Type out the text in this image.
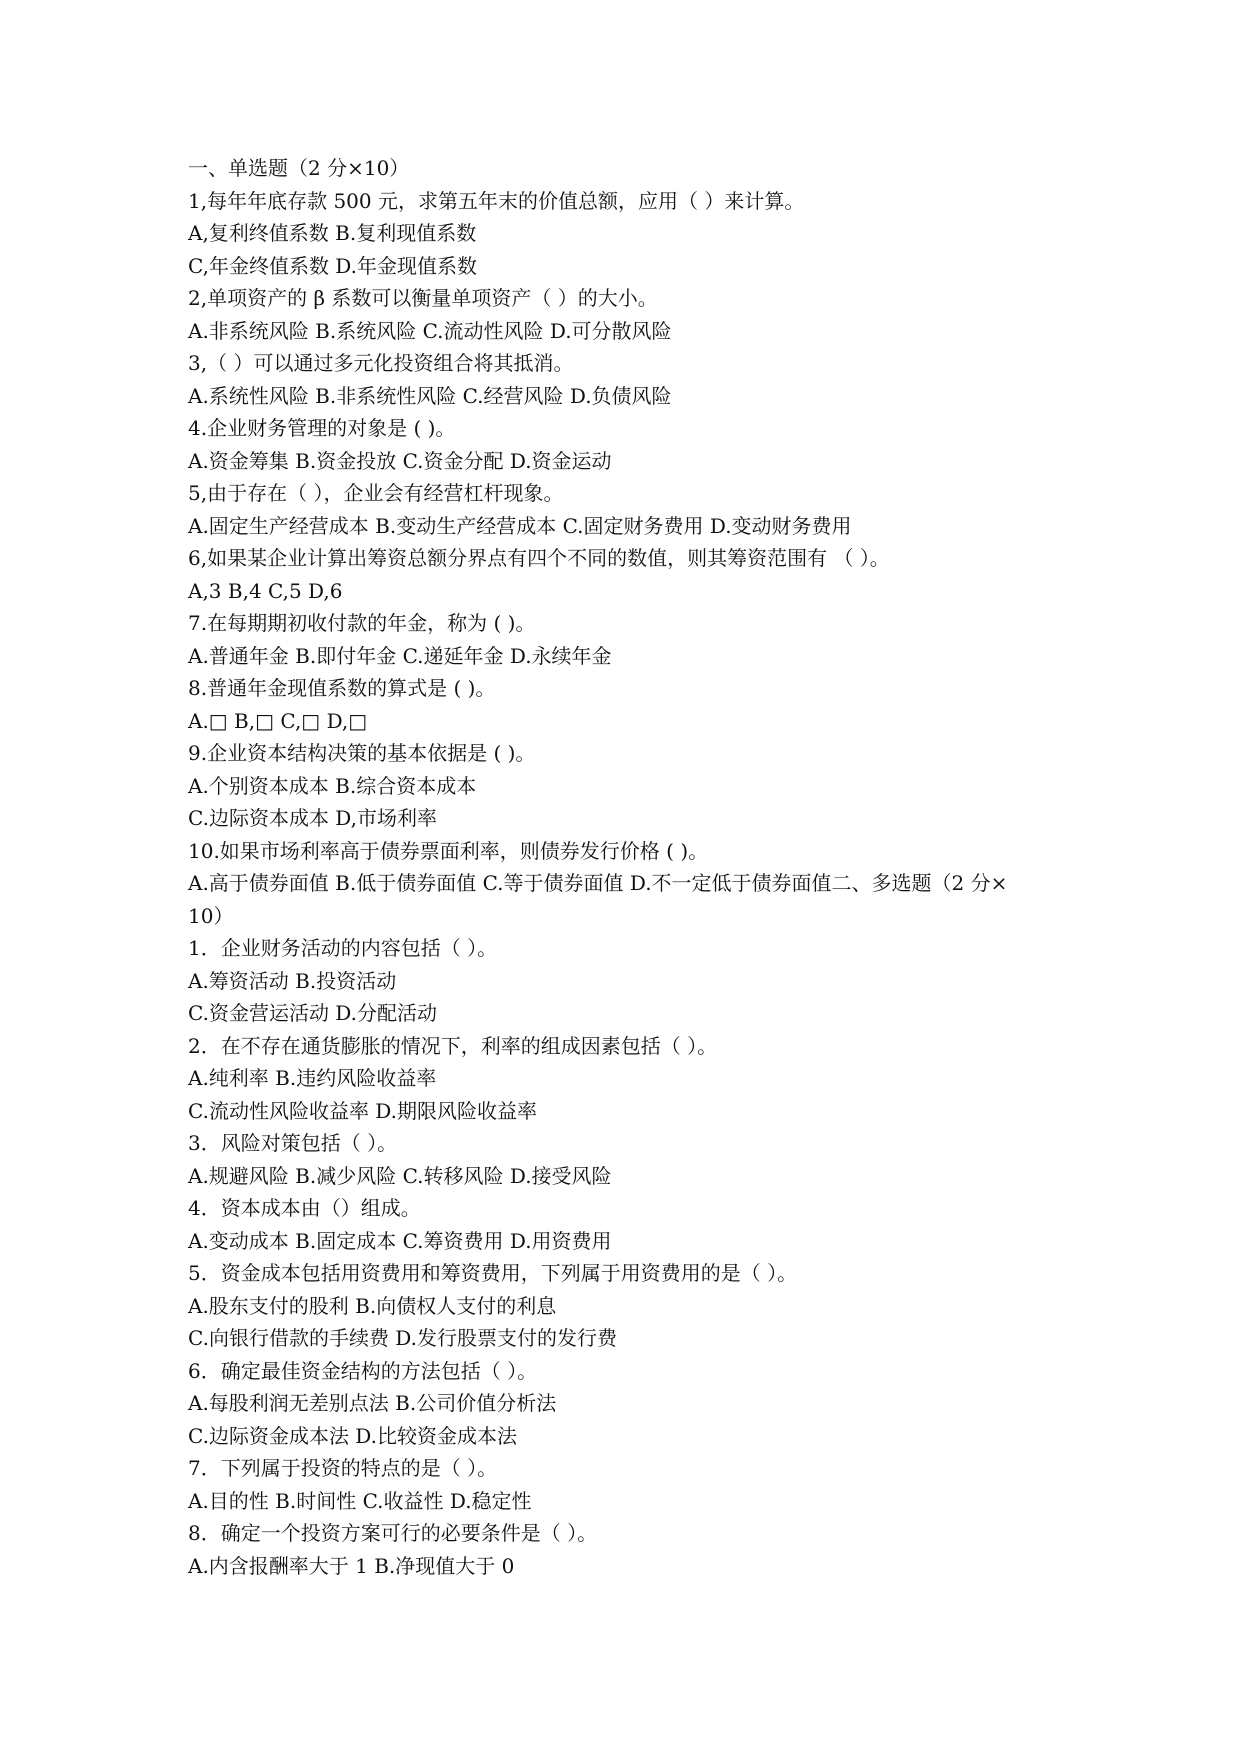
一、单选题（2 分×10）
1,每年年底存款 500 元，求第五年末的价值总额，应用（ ）来计算。
A,复利终值系数 B.复利现值系数
C,年金终值系数 D.年金现值系数
2,单项资产的 β 系数可以衡量单项资产（ ）的大小。
A.非系统风险 B.系统风险 C.流动性风险 D.可分散风险
3,（ ）可以通过多元化投资组合将其抵消。
A.系统性风险 B.非系统性风险 C.经营风险 D.负债风险
4.企业财务管理的对象是 ( )。
A.资金筹集 B.资金投放 C.资金分配 D.资金运动
5,由于存在（ ），企业会有经营杠杆现象。
A.固定生产经营成本 B.变动生产经营成本 C.固定财务费用 D.变动财务费用
6,如果某企业计算出筹资总额分界点有四个不同的数值，则其筹资范围有 （ ）。
A,3 B,4 C,5 D,6
7.在每期期初收付款的年金，称为 ( )。
A.普通年金 B.即付年金 C.递延年金 D.永续年金
8.普通年金现值系数的算式是 ( )。
A.□ B,□ C,□ D,□
9.企业资本结构决策的基本依据是 ( )。
A.个别资本成本 B.综合资本成本
C.边际资本成本 D,市场利率
10.如果市场利率高于债券票面利率，则债券发行价格 ( )。
A.高于债券面值 B.低于债券面值 C.等于债券面值 D.不一定低于债券面值二、多选题（2 分×
10）
1．企业财务活动的内容包括（ ）。
A.筹资活动 B.投资活动
C.资金营运活动 D.分配活动
2．在不存在通货膨胀的情况下，利率的组成因素包括（ ）。
A.纯利率 B.违约风险收益率
C.流动性风险收益率 D.期限风险收益率
3．风险对策包括（ ）。
A.规避风险 B.减少风险 C.转移风险 D.接受风险
4．资本成本由（）组成。
A.变动成本 B.固定成本 C.筹资费用 D.用资费用
5．资金成本包括用资费用和筹资费用，下列属于用资费用的是（ ）。
A.股东支付的股利 B.向债权人支付的利息
C.向银行借款的手续费 D.发行股票支付的发行费
6．确定最佳资金结构的方法包括（ ）。
A.每股利润无差别点法 B.公司价值分析法
C.边际资金成本法 D.比较资金成本法
7．下列属于投资的特点的是（ ）。
A.目的性 B.时间性 C.收益性 D.稳定性
8．确定一个投资方案可行的必要条件是（ ）。
A.内含报酬率大于 1 B.净现值大于 0
